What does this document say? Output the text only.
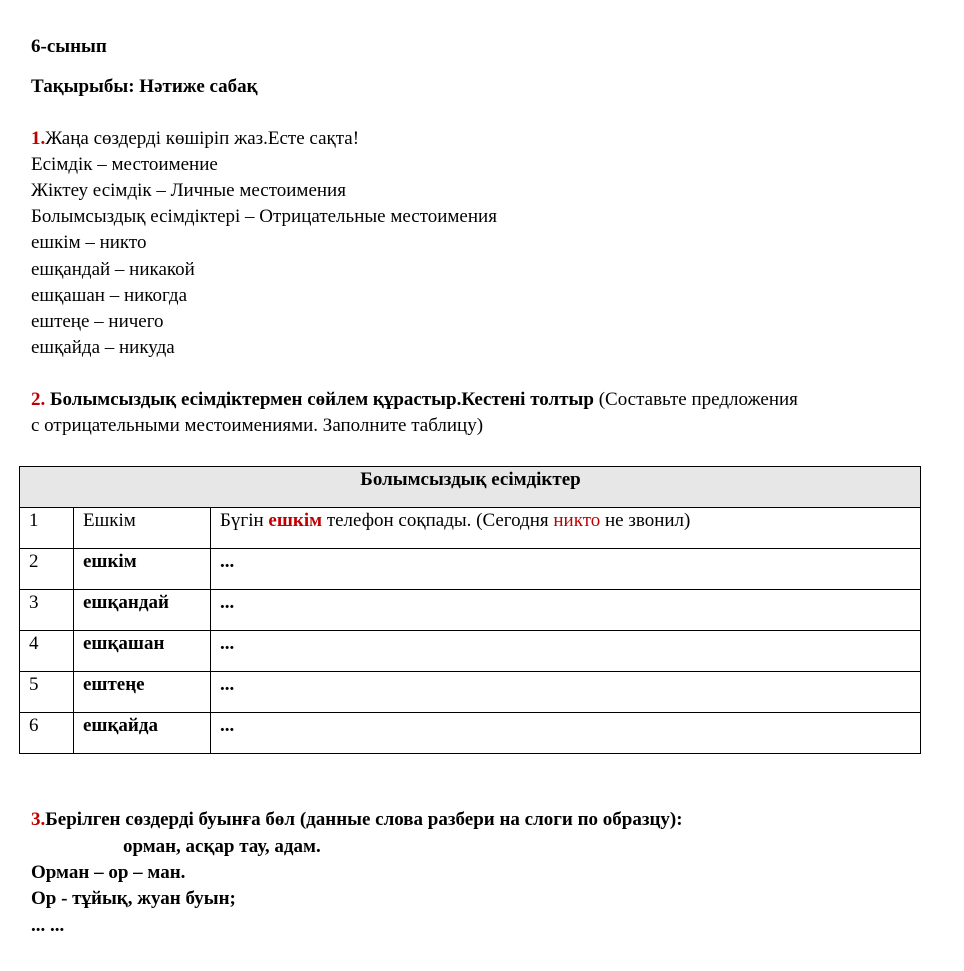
6-сынып
Тақырыбы: Нәтиже сабақ
1.Жаңа сөздерді көшіріп жаз.Есте сақта!
Есімдік – местоимение
Жіктеу есімдік – Личные местоимения
Болымсыздық есімдіктері – Отрицательные местоимения
ешкім – никто
ешқандай – никакой
ешқашан – никогда
ештеңе – ничего
ешқайда – никуда
2. Болымсыздық есімдіктермен сөйлем құрастыр.Кестені толтыр (Составьте предложения
с отрицательными местоимениями. Заполните таблицу)
Болымсыздық есімдіктер		
1	Ешкім	Бүгін ешкім телефон соқпады. (Сегодня никто не звонил)
2	ешкім	...
3	ешқандай	...
4	ешқашан	...
5	ештеңе	...
6	ешқайда	...
3.Берілген сөздерді буынға бөл (данные слова разбери на слоги по образцу):
орман, асқар тау, адам.
Орман – ор – ман.
Ор - тұйық, жуан буын;
... ...
